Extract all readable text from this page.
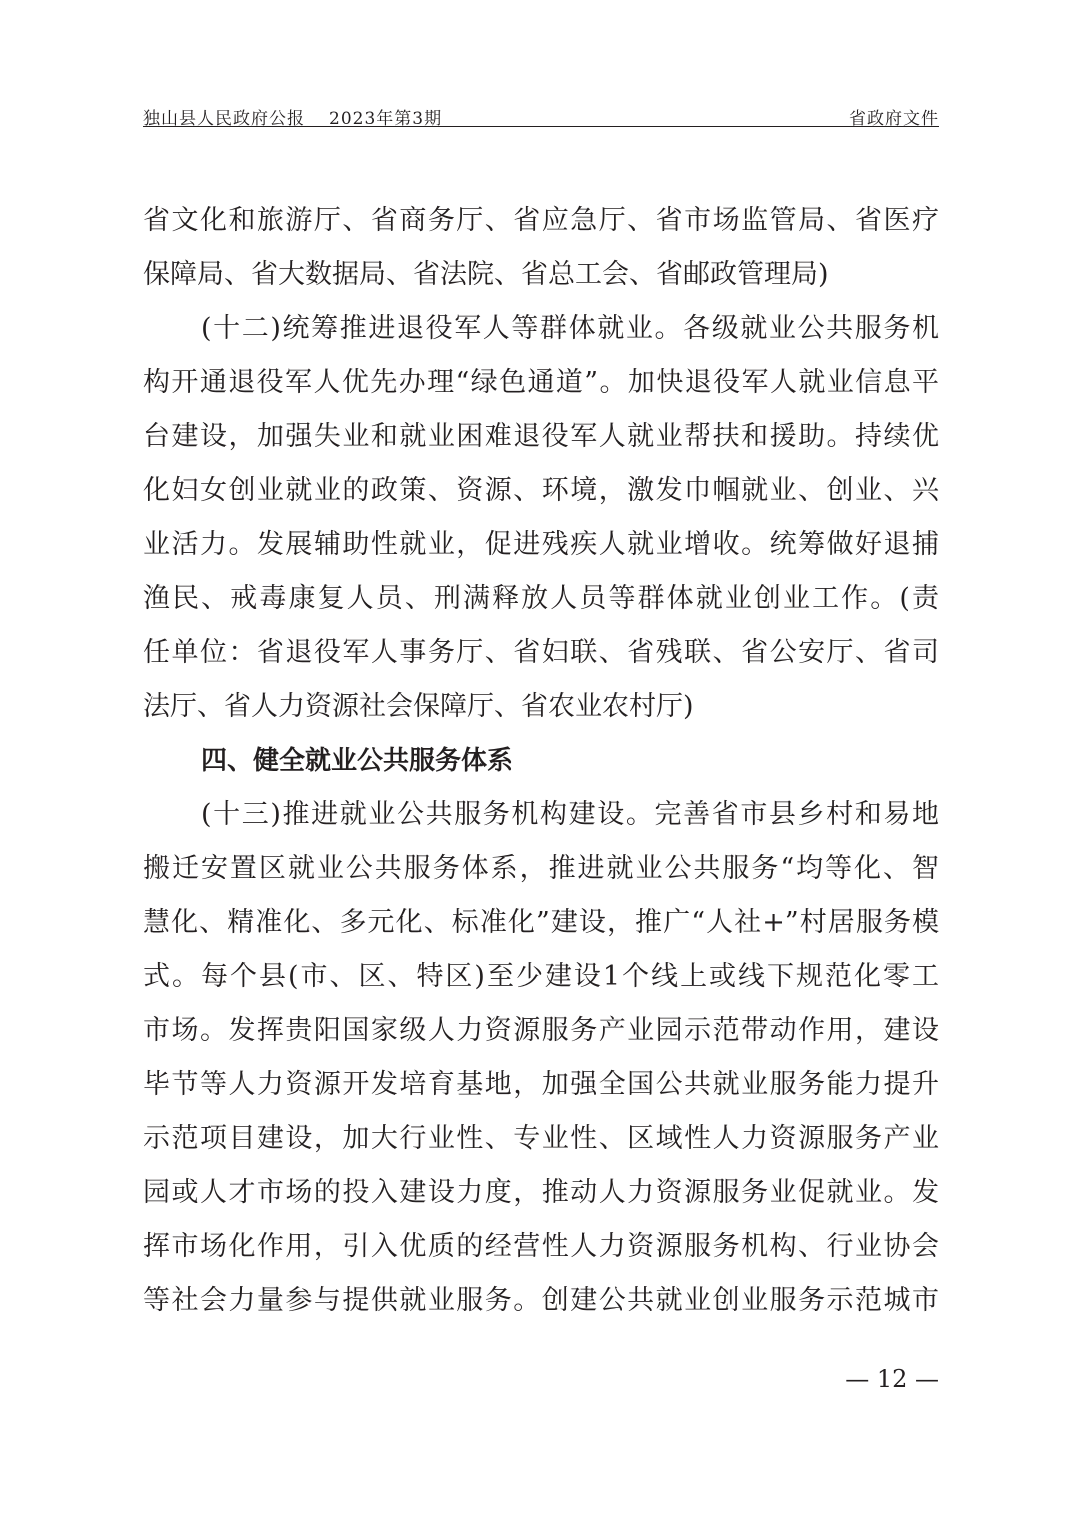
独山县人民政府公报 2023年第3期	省政府文件
省文化和旅游厅、省商务厅、省应急厅、省市场监管局、省医疗
保障局、省大数据局、省法院、省总工会、省邮政管理局)
(十二)统筹推进退役军人等群体就业。各级就业公共服务机
构开通退役军人优先办理“绿色通道”。加快退役军人就业信息平
台建设，加强失业和就业困难退役军人就业帮扶和援助。持续优
化妇女创业就业的政策、资源、环境，激发巾帼就业、创业、兴
业活力。发展辅助性就业，促进残疾人就业增收。统筹做好退捕
渔民、戒毒康复人员、刑满释放人员等群体就业创业工作。(责
任单位：省退役军人事务厅、省妇联、省残联、省公安厅、省司
法厅、省人力资源社会保障厅、省农业农村厅)
四、健全就业公共服务体系
(十三)推进就业公共服务机构建设。完善省市县乡村和易地
搬迁安置区就业公共服务体系，推进就业公共服务“均等化、智
慧化、精准化、多元化、标准化”建设，推广“人社+”村居服务模
式。每个县(市、区、特区)至少建设1个线上或线下规范化零工
市场。发挥贵阳国家级人力资源服务产业园示范带动作用，建设
毕节等人力资源开发培育基地，加强全国公共就业服务能力提升
示范项目建设，加大行业性、专业性、区域性人力资源服务产业
园或人才市场的投入建设力度，推动人力资源服务业促就业。发
挥市场化作用，引入优质的经营性人力资源服务机构、行业协会
等社会力量参与提供就业服务。创建公共就业创业服务示范城市
— 12 —
